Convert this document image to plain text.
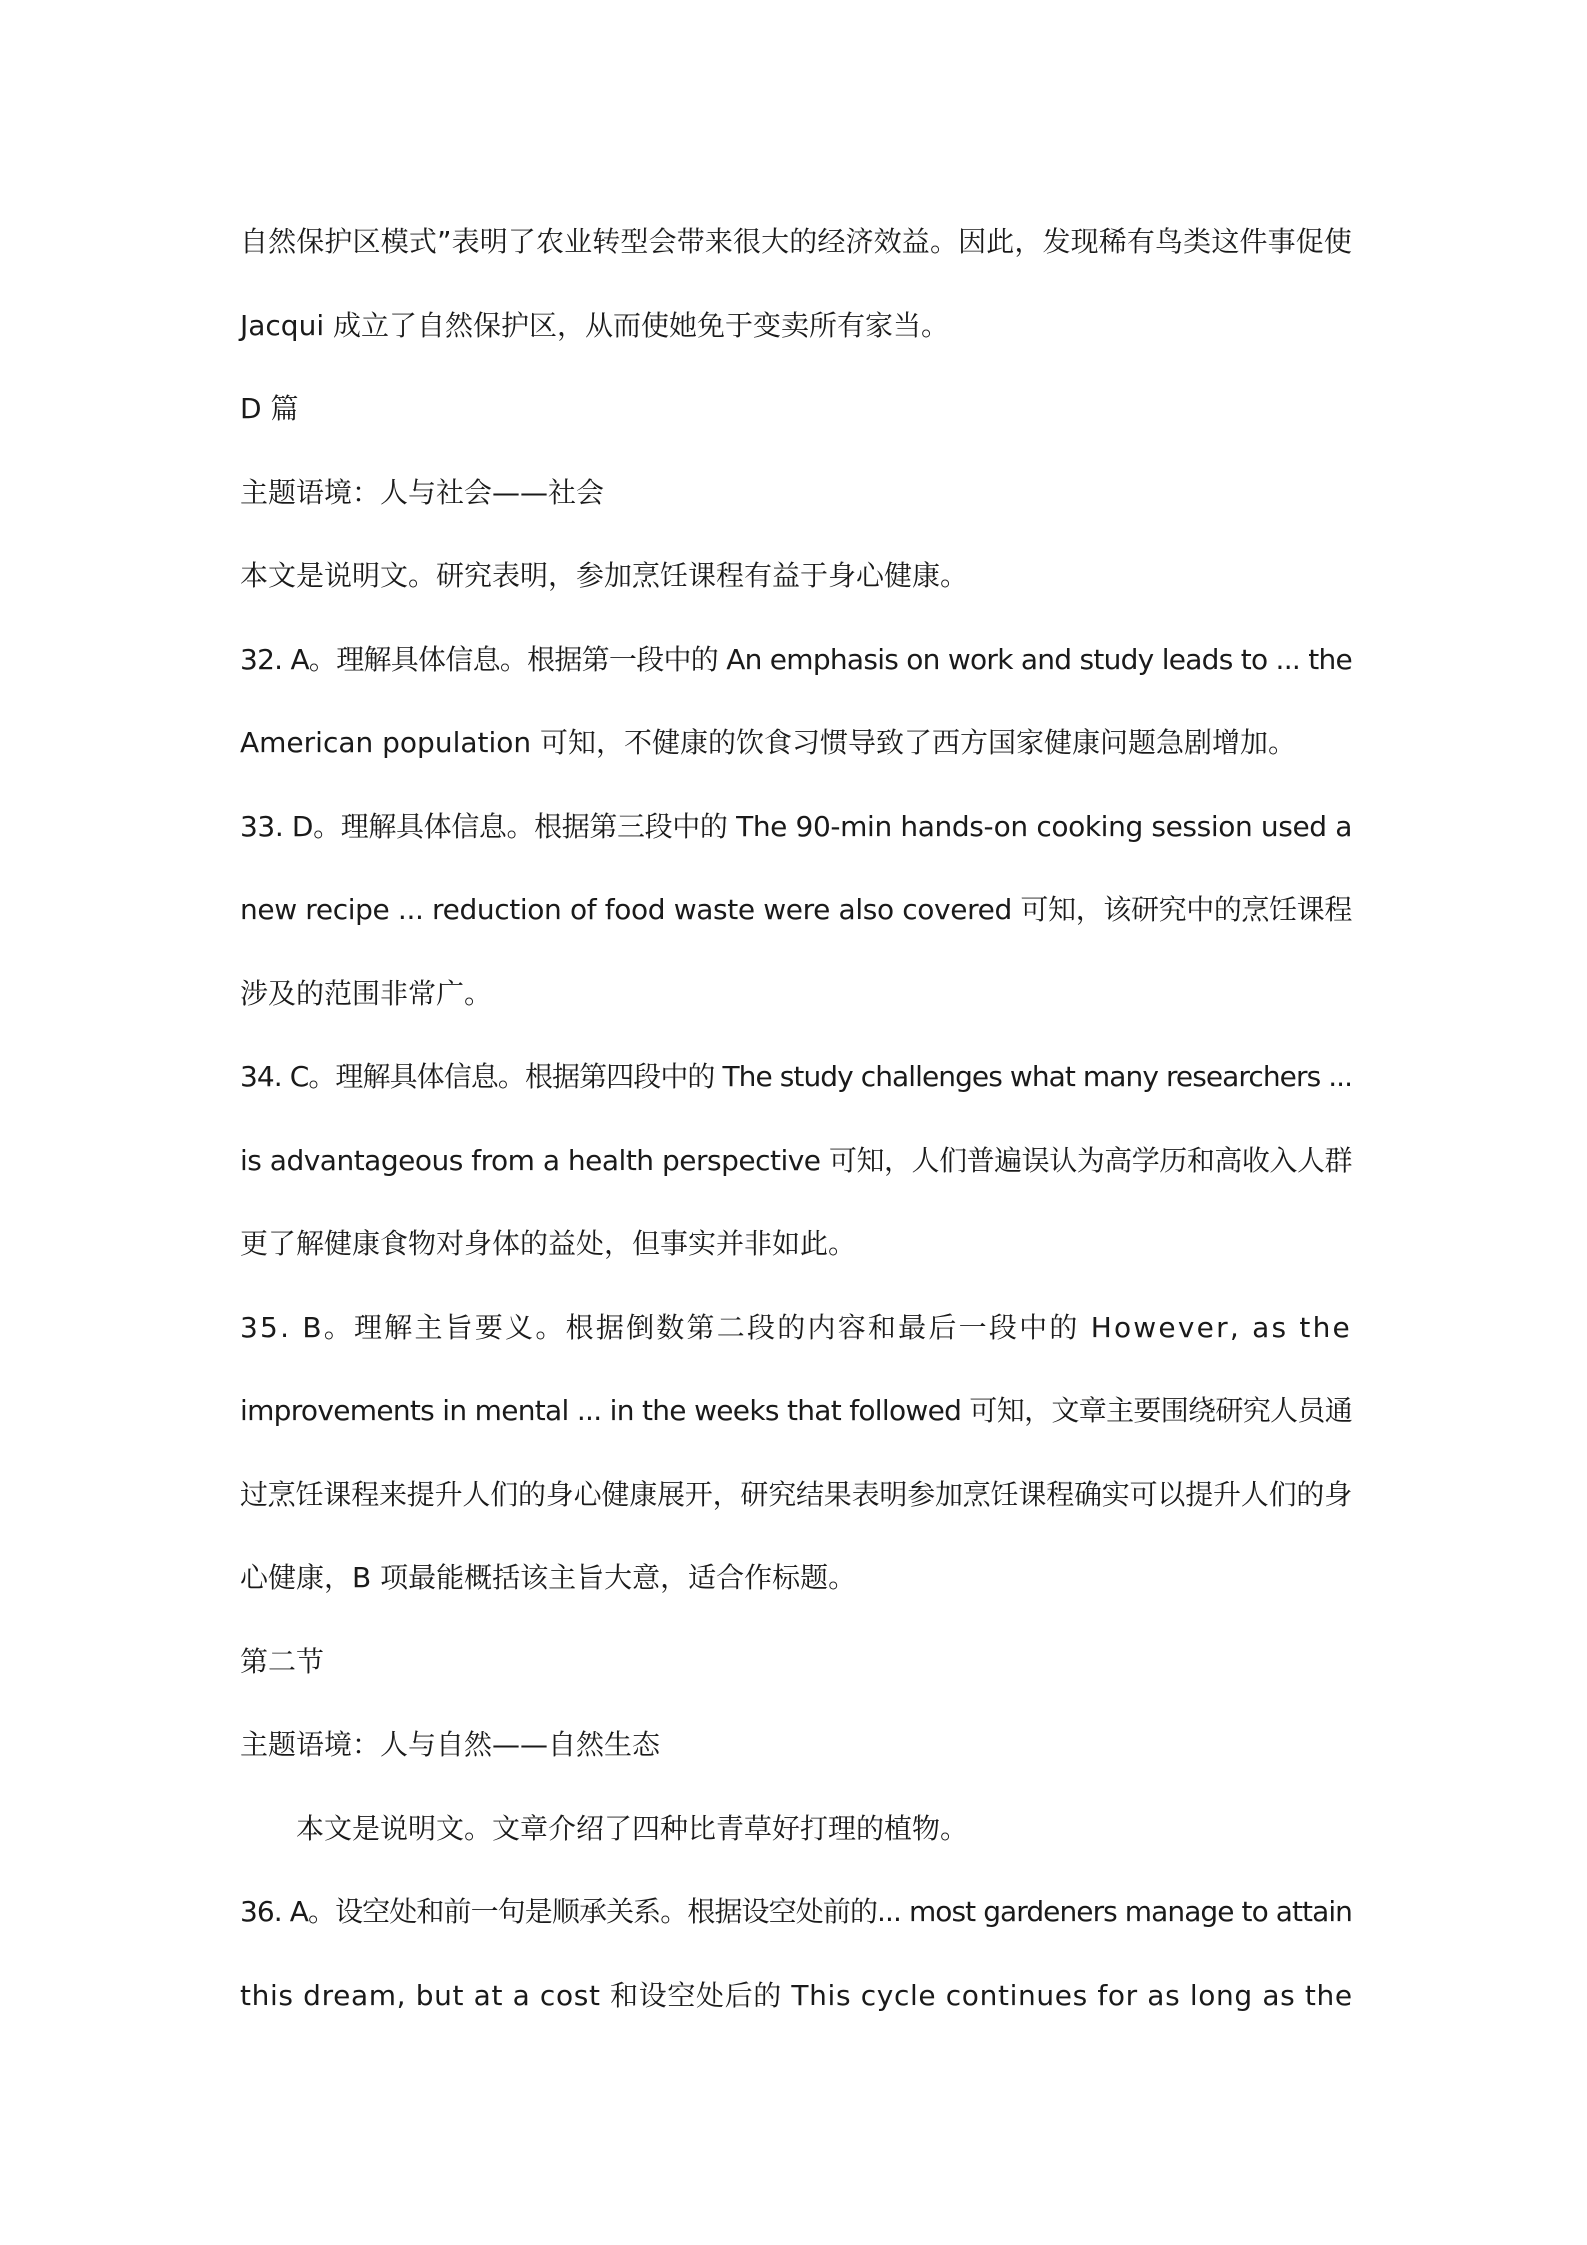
自然保护区模式”表明了农业转型会带来很大的经济效益。因此，发现稀有鸟类这件事促使
Jacqui 成立了自然保护区，从而使她免于变卖所有家当。
D 篇
主题语境：人与社会——社会
本文是说明文。研究表明，参加烹饪课程有益于身心健康。
32. A。理解具体信息。根据第一段中的 An emphasis on work and study leads to ... the
American population 可知，不健康的饮食习惯导致了西方国家健康问题急剧增加。
33. D。理解具体信息。根据第三段中的 The 90-min hands-on cooking session used a
new recipe ... reduction of food waste were also covered 可知，该研究中的烹饪课程
涉及的范围非常广。
34. C。理解具体信息。根据第四段中的 The study challenges what many researchers ...
is advantageous from a health perspective 可知，人们普遍误认为高学历和高收入人群
更了解健康食物对身体的益处，但事实并非如此。
35. B。理解主旨要义。根据倒数第二段的内容和最后一段中的 However, as the
improvements in mental ... in the weeks that followed 可知，文章主要围绕研究人员通
过烹饪课程来提升人们的身心健康展开，研究结果表明参加烹饪课程确实可以提升人们的身
心健康，B 项最能概括该主旨大意，适合作标题。
第二节
主题语境：人与自然——自然生态
本文是说明文。文章介绍了四种比青草好打理的植物。
36. A。设空处和前一句是顺承关系。根据设空处前的... most gardeners manage to attain
this dream, but at a cost 和设空处后的 This cycle continues for as long as the
